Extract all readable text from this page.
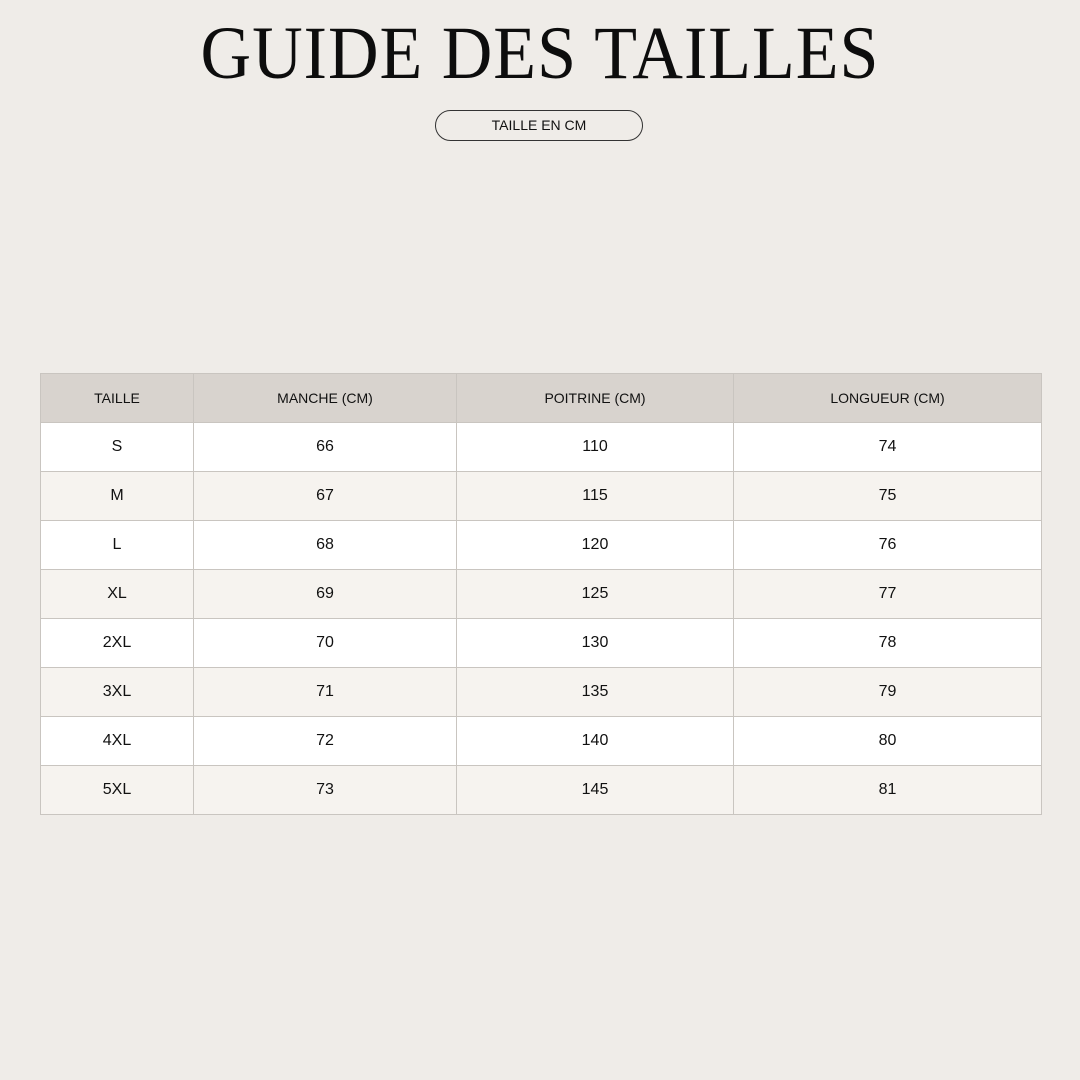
GUIDE DES TAILLES
TAILLE EN CM
TAILLE	MANCHE (CM)	POITRINE (CM)	LONGUEUR (CM)
S	66	110	74
M	67	115	75
L	68	120	76
XL	69	125	77
2XL	70	130	78
3XL	71	135	79
4XL	72	140	80
5XL	73	145	81
